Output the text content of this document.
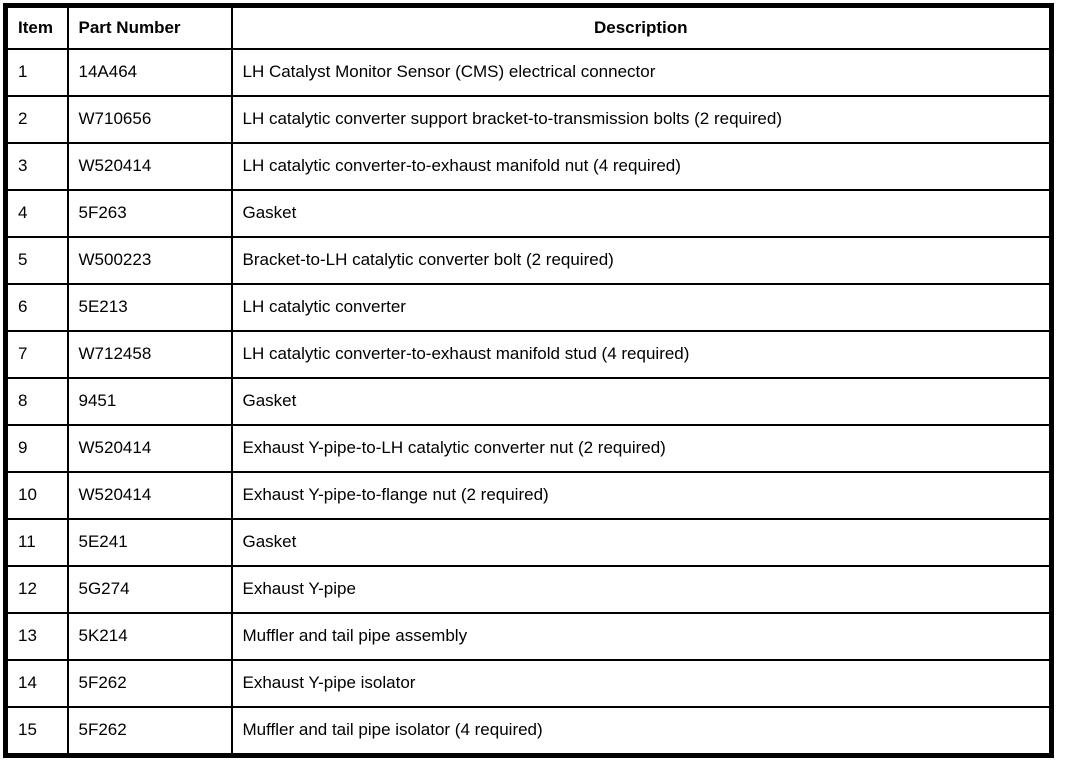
Item	Part Number	Description
1	14A464	LH Catalyst Monitor Sensor (CMS) electrical connector
2	W710656	LH catalytic converter support bracket-to-transmission bolts (2 required)
3	W520414	LH catalytic converter-to-exhaust manifold nut (4 required)
4	5F263	Gasket
5	W500223	Bracket-to-LH catalytic converter bolt (2 required)
6	5E213	LH catalytic converter
7	W712458	LH catalytic converter-to-exhaust manifold stud (4 required)
8	9451	Gasket
9	W520414	Exhaust Y-pipe-to-LH catalytic converter nut (2 required)
10	W520414	Exhaust Y-pipe-to-flange nut (2 required)
11	5E241	Gasket
12	5G274	Exhaust Y-pipe
13	5K214	Muffler and tail pipe assembly
14	5F262	Exhaust Y-pipe isolator
15	5F262	Muffler and tail pipe isolator (4 required)
